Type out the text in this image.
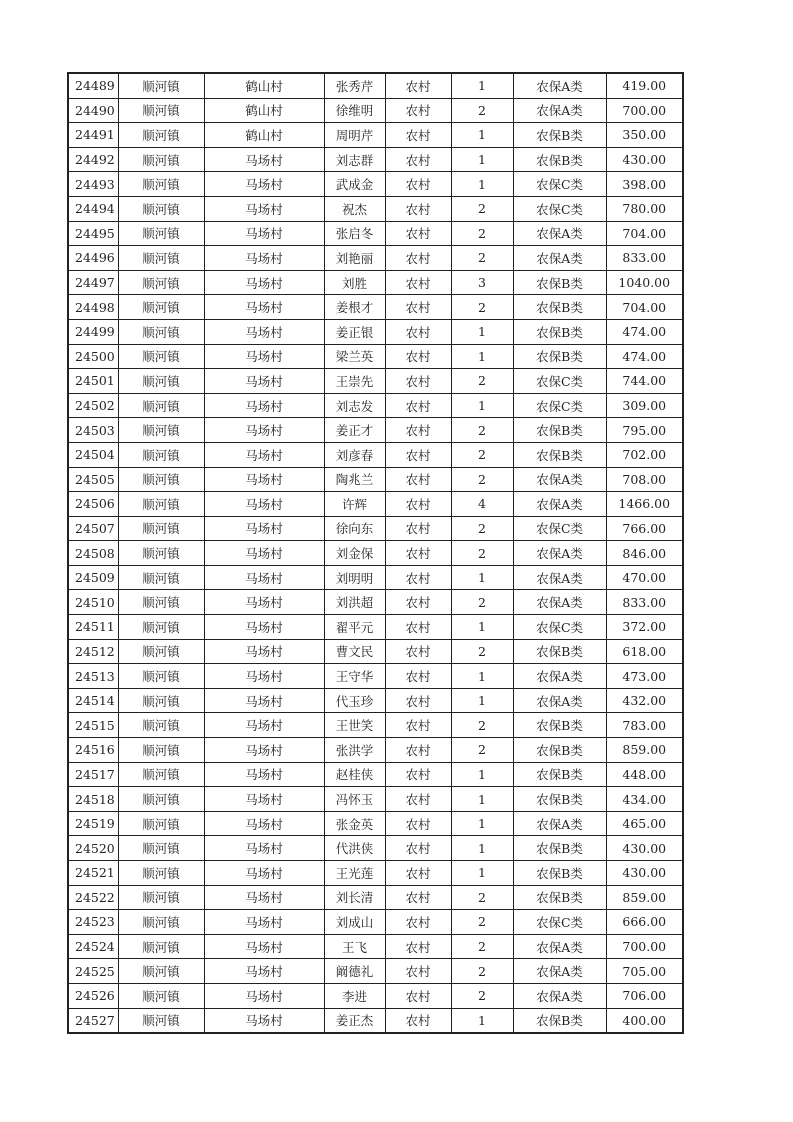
24489	顺河镇	鹤山村	张秀芹	农村	1	农保A类	419.00
24490	顺河镇	鹤山村	徐维明	农村	2	农保A类	700.00
24491	顺河镇	鹤山村	周明芹	农村	1	农保B类	350.00
24492	顺河镇	马场村	刘志群	农村	1	农保B类	430.00
24493	顺河镇	马场村	武成金	农村	1	农保C类	398.00
24494	顺河镇	马场村	祝杰	农村	2	农保C类	780.00
24495	顺河镇	马场村	张启冬	农村	2	农保A类	704.00
24496	顺河镇	马场村	刘艳丽	农村	2	农保A类	833.00
24497	顺河镇	马场村	刘胜	农村	3	农保B类	1040.00
24498	顺河镇	马场村	姜根才	农村	2	农保B类	704.00
24499	顺河镇	马场村	姜正银	农村	1	农保B类	474.00
24500	顺河镇	马场村	梁兰英	农村	1	农保B类	474.00
24501	顺河镇	马场村	王崇先	农村	2	农保C类	744.00
24502	顺河镇	马场村	刘志发	农村	1	农保C类	309.00
24503	顺河镇	马场村	姜正才	农村	2	农保B类	795.00
24504	顺河镇	马场村	刘彦春	农村	2	农保B类	702.00
24505	顺河镇	马场村	陶兆兰	农村	2	农保A类	708.00
24506	顺河镇	马场村	许辉	农村	4	农保A类	1466.00
24507	顺河镇	马场村	徐向东	农村	2	农保C类	766.00
24508	顺河镇	马场村	刘金保	农村	2	农保A类	846.00
24509	顺河镇	马场村	刘明明	农村	1	农保A类	470.00
24510	顺河镇	马场村	刘洪超	农村	2	农保A类	833.00
24511	顺河镇	马场村	翟平元	农村	1	农保C类	372.00
24512	顺河镇	马场村	曹文民	农村	2	农保B类	618.00
24513	顺河镇	马场村	王守华	农村	1	农保A类	473.00
24514	顺河镇	马场村	代玉珍	农村	1	农保A类	432.00
24515	顺河镇	马场村	王世笑	农村	2	农保B类	783.00
24516	顺河镇	马场村	张洪学	农村	2	农保B类	859.00
24517	顺河镇	马场村	赵桂侠	农村	1	农保B类	448.00
24518	顺河镇	马场村	冯怀玉	农村	1	农保B类	434.00
24519	顺河镇	马场村	张金英	农村	1	农保A类	465.00
24520	顺河镇	马场村	代洪侠	农村	1	农保B类	430.00
24521	顺河镇	马场村	王光莲	农村	1	农保B类	430.00
24522	顺河镇	马场村	刘长清	农村	2	农保B类	859.00
24523	顺河镇	马场村	刘成山	农村	2	农保C类	666.00
24524	顺河镇	马场村	王飞	农村	2	农保A类	700.00
24525	顺河镇	马场村	阚德礼	农村	2	农保A类	705.00
24526	顺河镇	马场村	李进	农村	2	农保A类	706.00
24527	顺河镇	马场村	姜正杰	农村	1	农保B类	400.00
